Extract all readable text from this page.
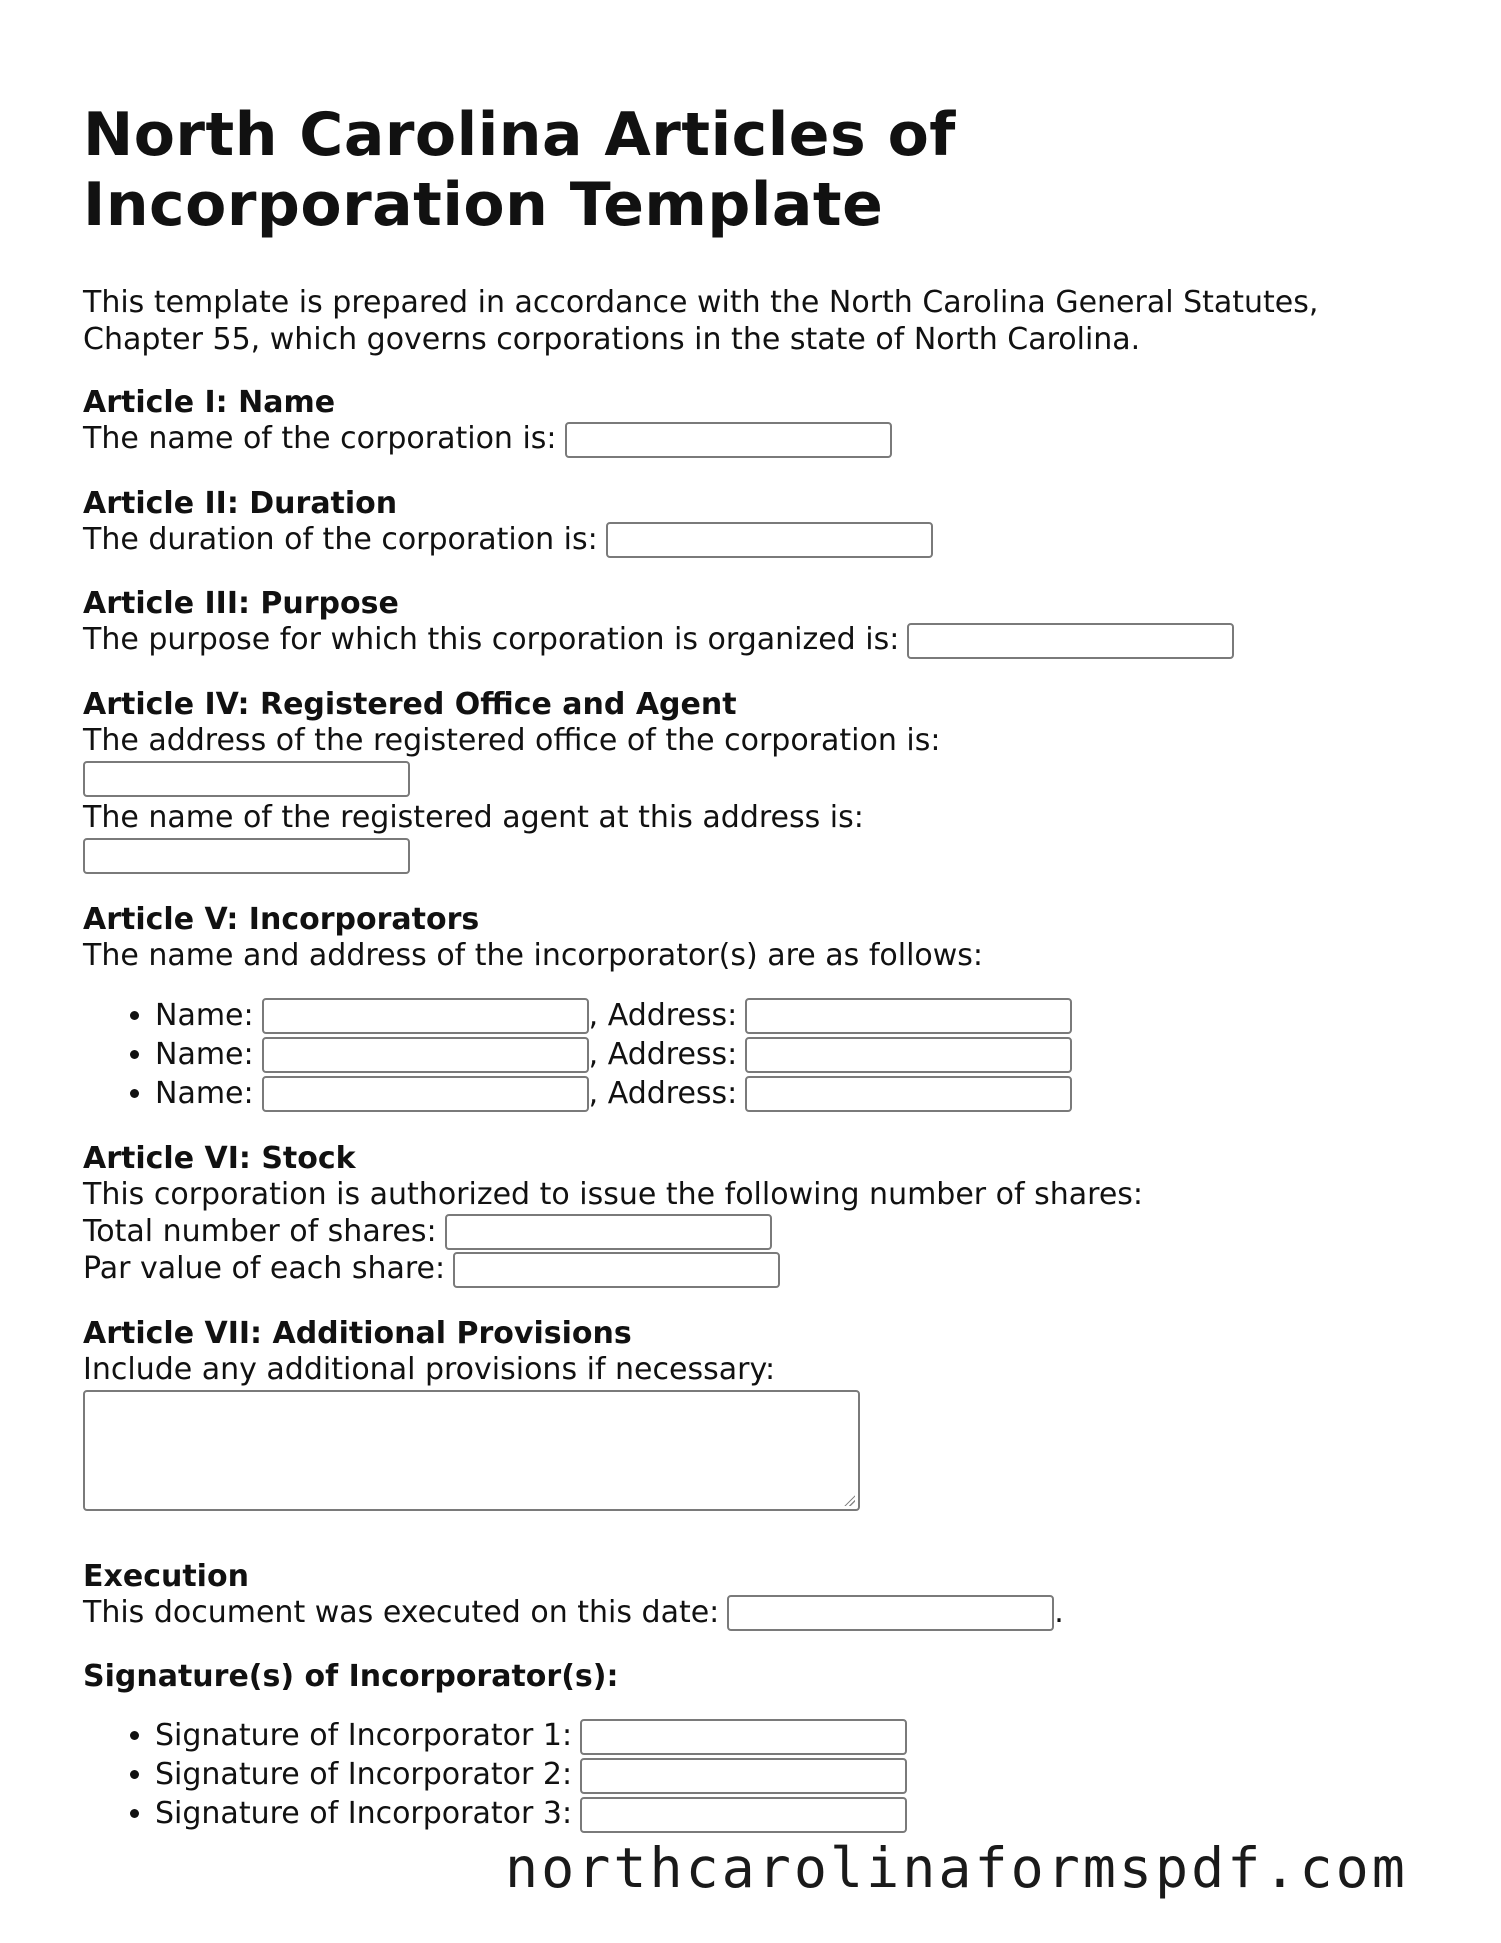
North Carolina Articles of Incorporation Template

This template is prepared in accordance with the North Carolina General Statutes, Chapter 55, which governs corporations in the state of North Carolina.

Article I: Name
The name of the corporation is:
Article II: Duration
The duration of the corporation is:
Article III: Purpose
The purpose for which this corporation is organized is:
Article IV: Registered Office and Agent
The address of the registered office of the corporation is:
The name of the registered agent at this address is:
Article V: Incorporators
The name and address of the incorporator(s) are as follows:
• Name:	, Address:
• Name:	, Address:
• Name:	, Address:
Article VI: Stock
This corporation is authorized to issue the following number of shares:
Total number of shares:
Par value of each share:
Article VII: Additional Provisions
Include any additional provisions if necessary:
Execution
This document was executed on this date:	.
Signature(s) of Incorporator(s):
• Signature of Incorporator 1:
• Signature of Incorporator 2:
• Signature of Incorporator 3:
northcarolinaformspdf.com
